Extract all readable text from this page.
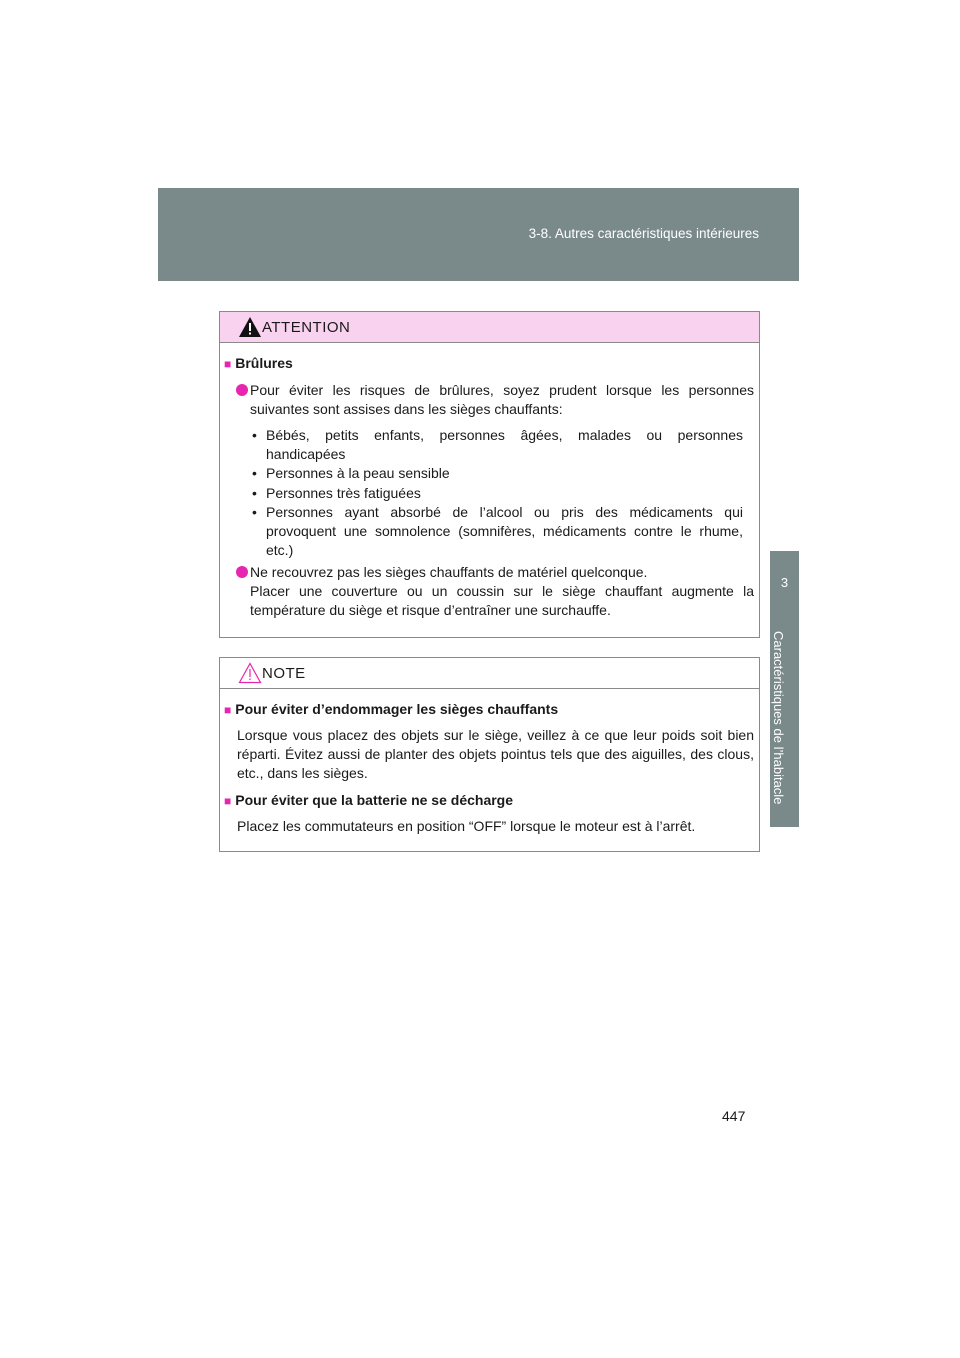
3-8. Autres caractéristiques intérieures
3
Caractéristiques de l’habitacle
ATTENTION
■ Brûlures
Pour éviter les risques de brûlures, soyez prudent lorsque les personnes
suivantes sont assises dans les sièges chauffants:
• Bébés, petits enfants, personnes âgées, malades ou personnes handicapées
• Personnes à la peau sensible
• Personnes très fatiguées
• Personnes ayant absorbé de l’alcool ou pris des médicaments qui provoquent une somnolence (somnifères, médicaments contre le rhume, etc.)
Ne recouvrez pas les sièges chauffants de matériel quelconque.
Placer une couverture ou un coussin sur le siège chauffant augmente la
température du siège et risque d’entraîner une surchauffe.
NOTE
■ Pour éviter d’endommager les sièges chauffants
Lorsque vous placez des objets sur le siège, veillez à ce que leur poids soit bien réparti. Évitez aussi de planter des objets pointus tels que des aiguilles, des clous, etc., dans les sièges.
■ Pour éviter que la batterie ne se décharge
Placez les commutateurs en position “OFF” lorsque le moteur est à l’arrêt.
447
